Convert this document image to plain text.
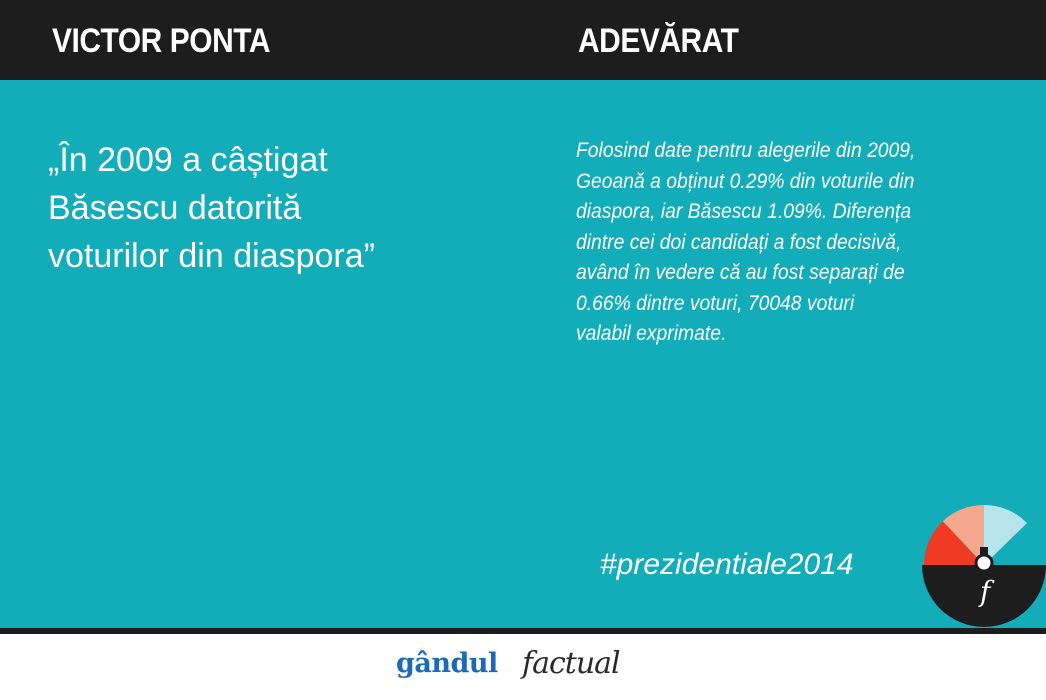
VICTOR PONTA	ADEVĂRAT
„În 2009 a câștigat
Băsescu datorită
voturilor din diaspora”
Folosind date pentru alegerile din 2009,
Geoană a obținut 0.29% din voturile din
diaspora, iar Băsescu 1.09%. Diferența
dintre cei doi candidați a fost decisivă,
având în vedere că au fost separați de
0.66% dintre voturi, 70048 voturi
valabil exprimate.
#prezidentiale2014
f
gândul factual
